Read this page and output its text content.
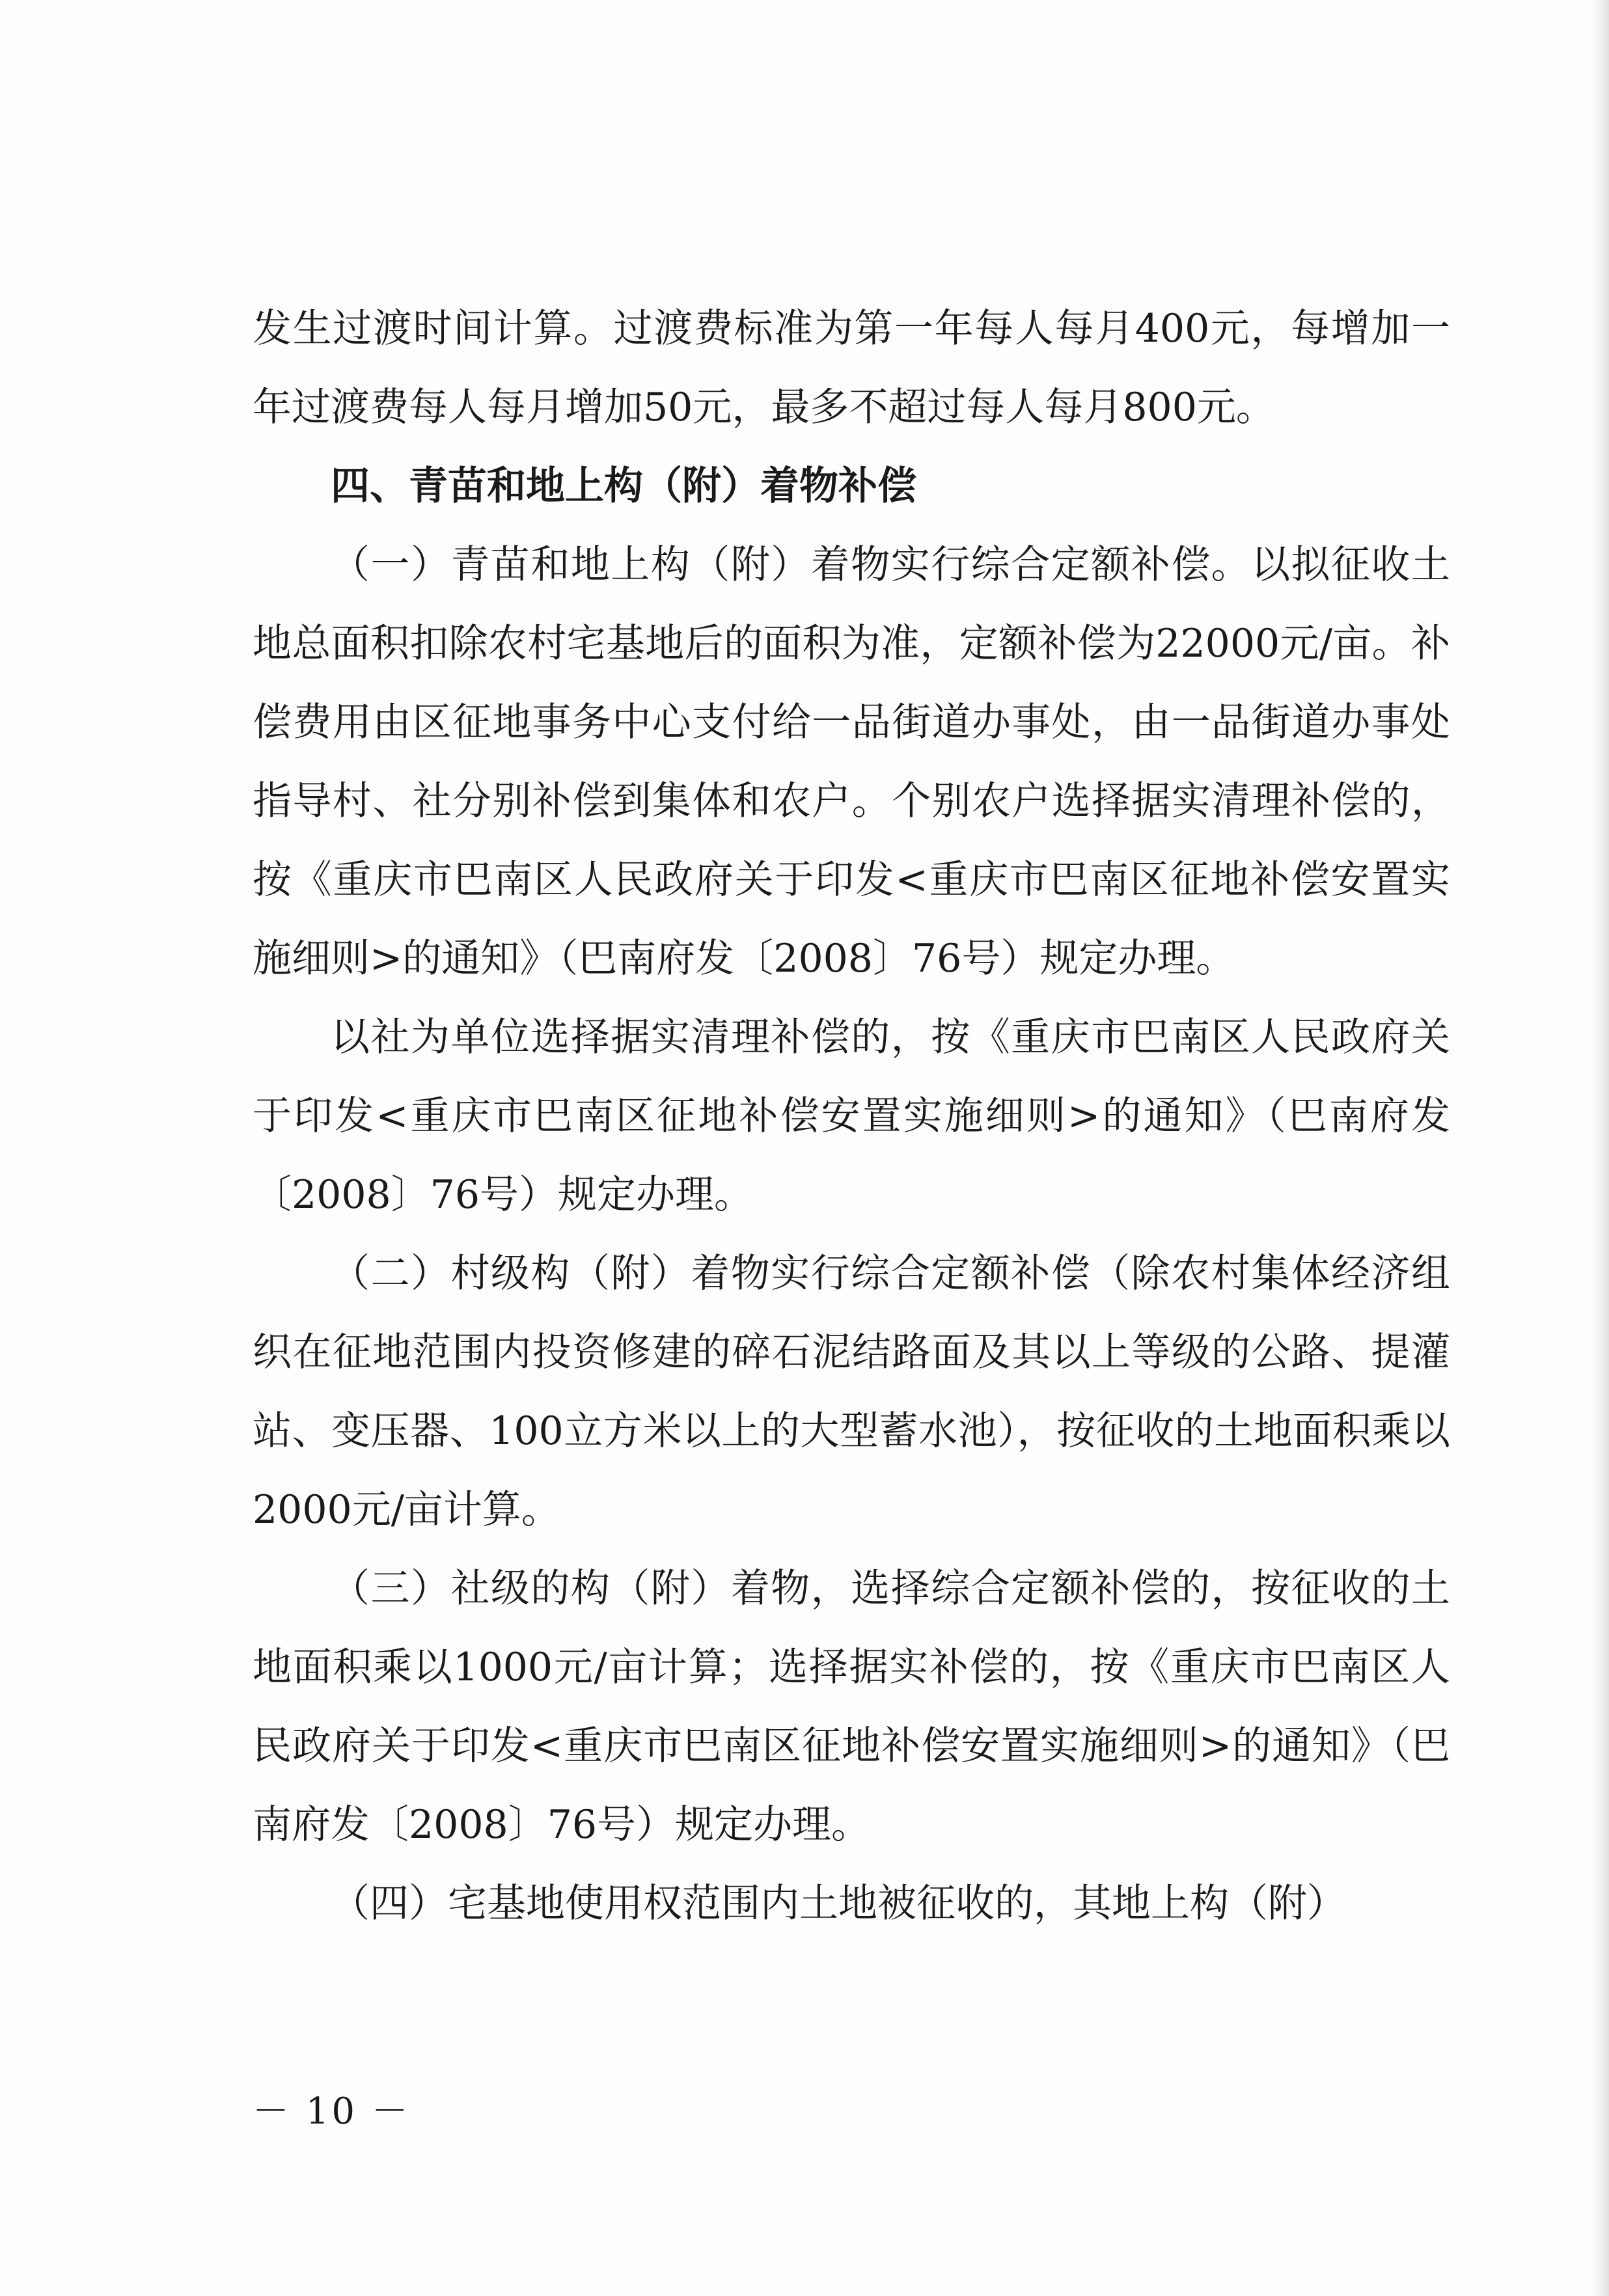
发生过渡时间计算。过渡费标准为第一年每人每月400元，每增加一年过渡费每人每月增加50元，最多不超过每人每月800元。

四、青苗和地上构（附）着物补偿

（一）青苗和地上构（附）着物实行综合定额补偿。以拟征收土地总面积扣除农村宅基地后的面积为准，定额补偿为22000元/亩。补偿费用由区征地事务中心支付给一品街道办事处，由一品街道办事处指导村、社分别补偿到集体和农户。个别农户选择据实清理补偿的，按《重庆市巴南区人民政府关于印发<重庆市巴南区征地补偿安置实施细则>的通知》（巴南府发〔2008〕76号）规定办理。

以社为单位选择据实清理补偿的，按《重庆市巴南区人民政府关于印发<重庆市巴南区征地补偿安置实施细则>的通知》（巴南府发〔2008〕76号）规定办理。

（二）村级构（附）着物实行综合定额补偿（除农村集体经济组织在征地范围内投资修建的碎石泥结路面及其以上等级的公路、提灌站、变压器、100立方米以上的大型蓄水池），按征收的土地面积乘以2000元/亩计算。

（三）社级的构（附）着物，选择综合定额补偿的，按征收的土地面积乘以1000元/亩计算；选择据实补偿的，按《重庆市巴南区人民政府关于印发<重庆市巴南区征地补偿安置实施细则>的通知》（巴南府发〔2008〕76号）规定办理。

（四）宅基地使用权范围内土地被征收的，其地上构（附）

－ 10 －
